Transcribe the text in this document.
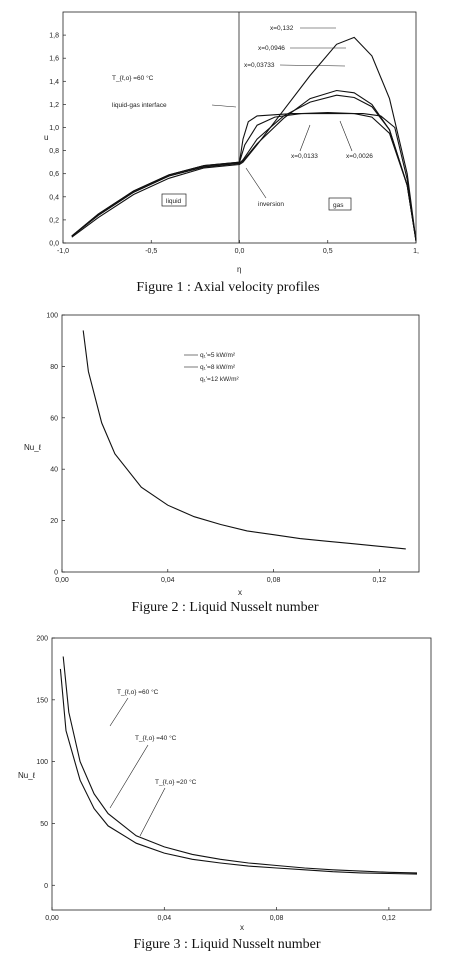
-1,0	-0,5	0,0	0,5	1,
0,0
0,2
0,4
0,6
0,8
1,0
1,2
1,4
1,6
1,8
T_{ℓ,o} =60 °C
liquid-gas interface
liquid
gas
inversion
x=0,132
x=0,0946
x=0,03733
x=0,0133	x=0,0026
η
u
Figure 1 : Axial velocity profiles
0,00	0,04	0,08	0,12
0
20
40
60
80
100
q₁'=5 kW/m²
q₁'=8 kW/m²
q₁'=12 kW/m²
x
Nu_ℓ
Figure 2 : Liquid Nusselt number
0,00	0,04	0,08	0,12
0
50
100
150
200
T_{ℓ,o} =60 °C
T_{ℓ,o} =40 °C
T_{ℓ,o} =20 °C
x
Nu_ℓ
Figure 3 : Liquid Nusselt number
